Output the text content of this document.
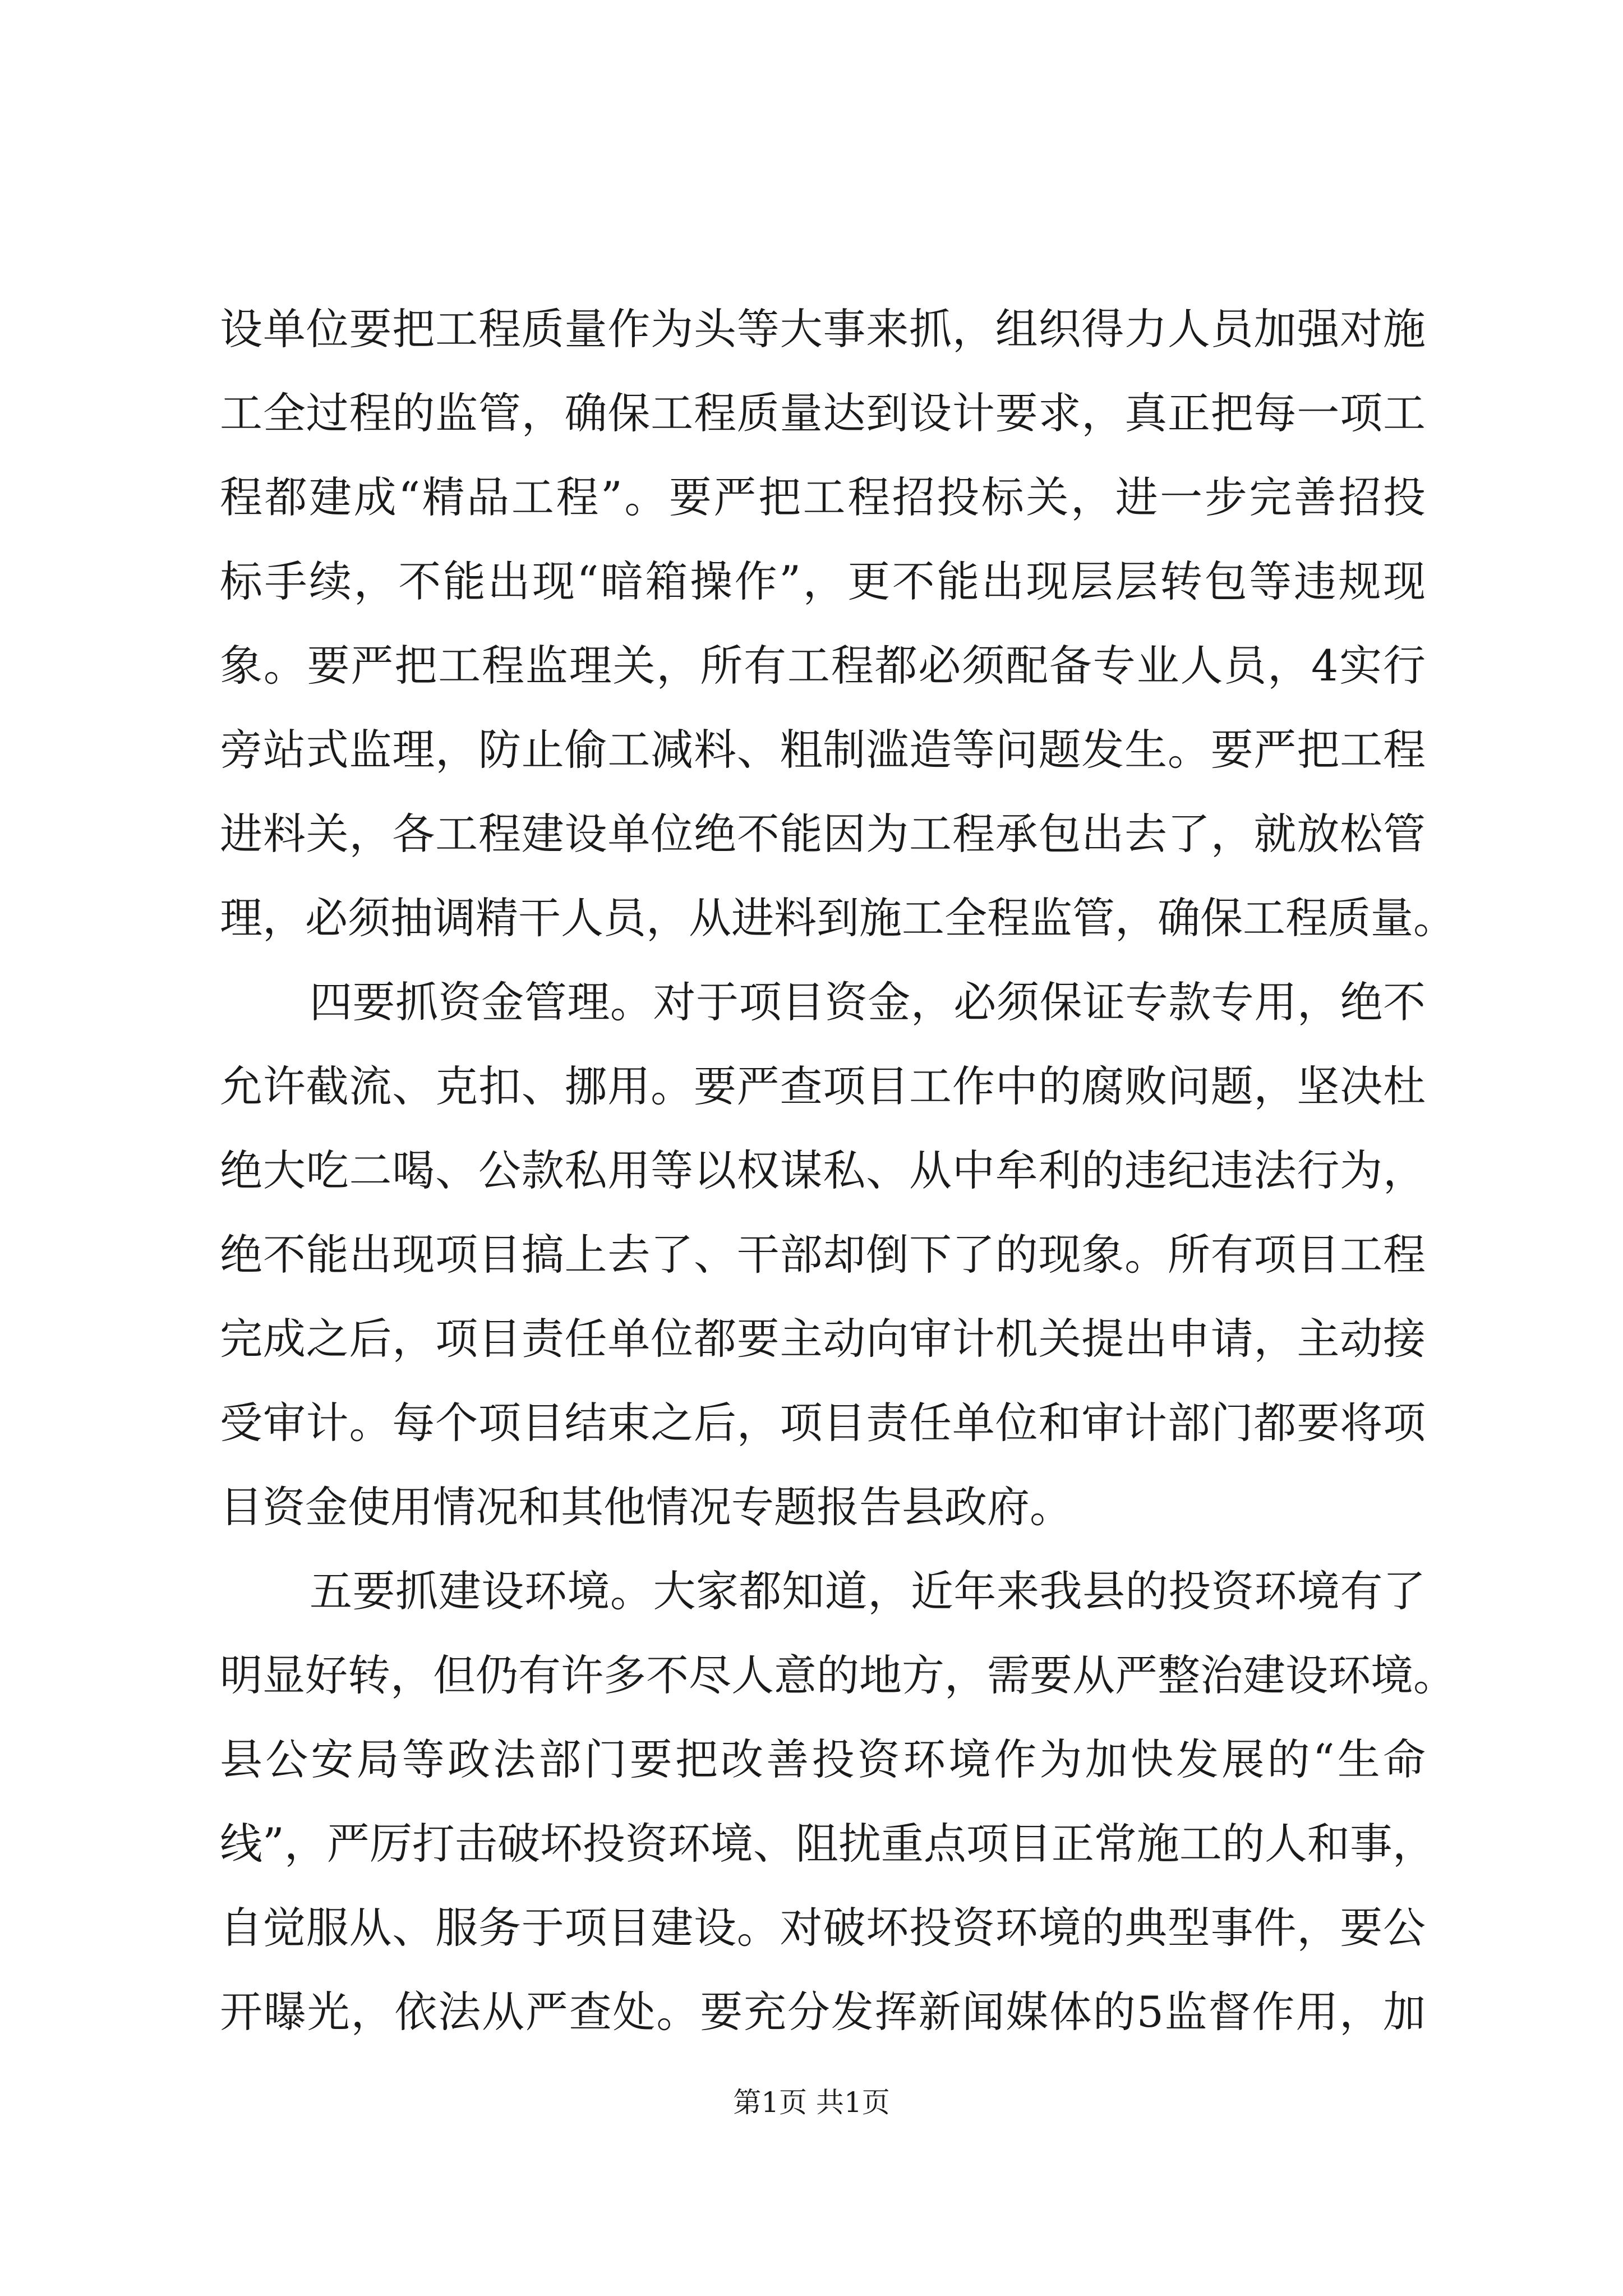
设单位要把工程质量作为头等大事来抓，组织得力人员加强对施
工全过程的监管，确保工程质量达到设计要求，真正把每一项工
程都建成“精品工程”。要严把工程招投标关，进一步完善招投
标手续，不能出现“暗箱操作”，更不能出现层层转包等违规现
象。要严把工程监理关，所有工程都必须配备专业人员，4实行
旁站式监理，防止偷工减料、粗制滥造等问题发生。要严把工程
进料关，各工程建设单位绝不能因为工程承包出去了，就放松管
理，必须抽调精干人员，从进料到施工全程监管，确保工程质量。
四要抓资金管理。对于项目资金，必须保证专款专用，绝不
允许截流、克扣、挪用。要严查项目工作中的腐败问题，坚决杜
绝大吃二喝、公款私用等以权谋私、从中牟利的违纪违法行为，
绝不能出现项目搞上去了、干部却倒下了的现象。所有项目工程
完成之后，项目责任单位都要主动向审计机关提出申请，主动接
受审计。每个项目结束之后，项目责任单位和审计部门都要将项
目资金使用情况和其他情况专题报告县政府。
五要抓建设环境。大家都知道，近年来我县的投资环境有了
明显好转，但仍有许多不尽人意的地方，需要从严整治建设环境。
县公安局等政法部门要把改善投资环境作为加快发展的“生命
线”，严厉打击破坏投资环境、阻扰重点项目正常施工的人和事，
自觉服从、服务于项目建设。对破坏投资环境的典型事件，要公
开曝光，依法从严查处。要充分发挥新闻媒体的5监督作用，加
第1页 共1页
